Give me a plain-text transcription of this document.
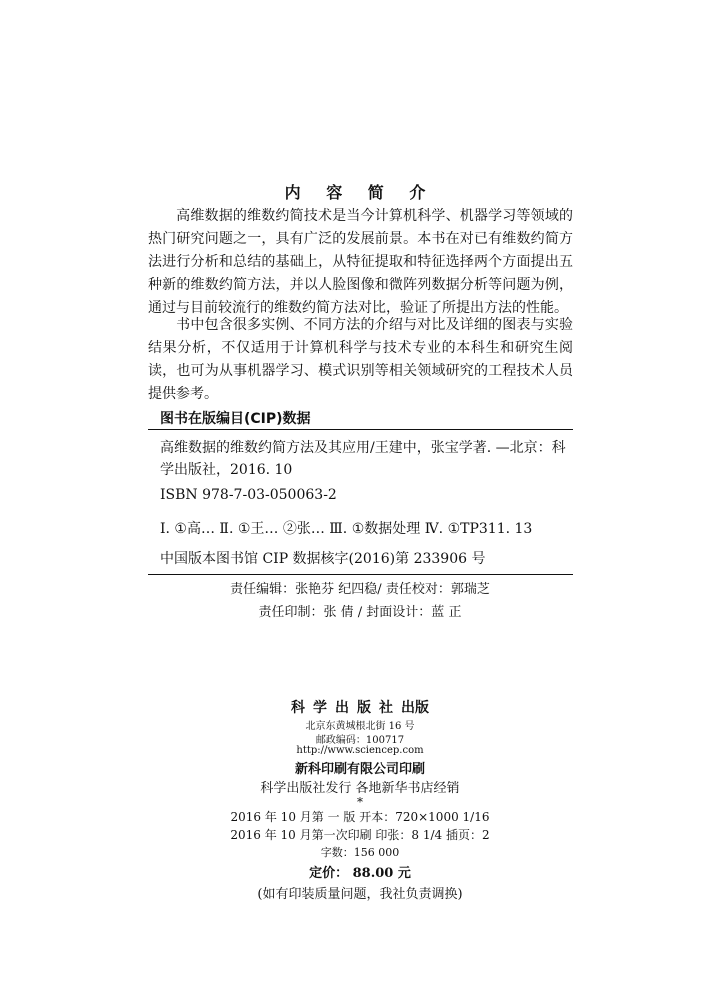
内 容 简 介
高维数据的维数约简技术是当今计算机科学、机器学习等领域的热门研究问题之一，具有广泛的发展前景。本书在对已有维数约简方法进行分析和总结的基础上，从特征提取和特征选择两个方面提出五种新的维数约简方法，并以人脸图像和微阵列数据分析等问题为例，通过与目前较流行的维数约简方法对比，验证了所提出方法的性能。
书中包含很多实例、不同方法的介绍与对比及详细的图表与实验结果分析，不仅适用于计算机科学与技术专业的本科生和研究生阅读，也可为从事机器学习、模式识别等相关领域研究的工程技术人员提供参考。
图书在版编目(CIP)数据
高维数据的维数约简方法及其应用/王建中，张宝学著. —北京：科学出版社，2016. 10
ISBN 978-7-03-050063-2
Ⅰ. ①高… Ⅱ. ①王… ②张… Ⅲ. ①数据处理 Ⅳ. ①TP311. 13
中国版本图书馆 CIP 数据核字(2016)第 233906 号
责任编辑：张艳芬 纪四稳/ 责任校对：郭瑞芝
责任印制：张 倩 / 封面设计：蓝 正
科学出版社出版
北京东黄城根北街 16 号
邮政编码：100717
http://www.sciencep.com
新科印刷有限公司印刷
科学出版社发行 各地新华书店经销
*
2016 年 10 月第 一 版 开本：720×1000 1/16
2016 年 10 月第一次印刷 印张：8 1/4 插页：2
字数：156 000
定价： 88.00 元
(如有印装质量问题，我社负责调换)
